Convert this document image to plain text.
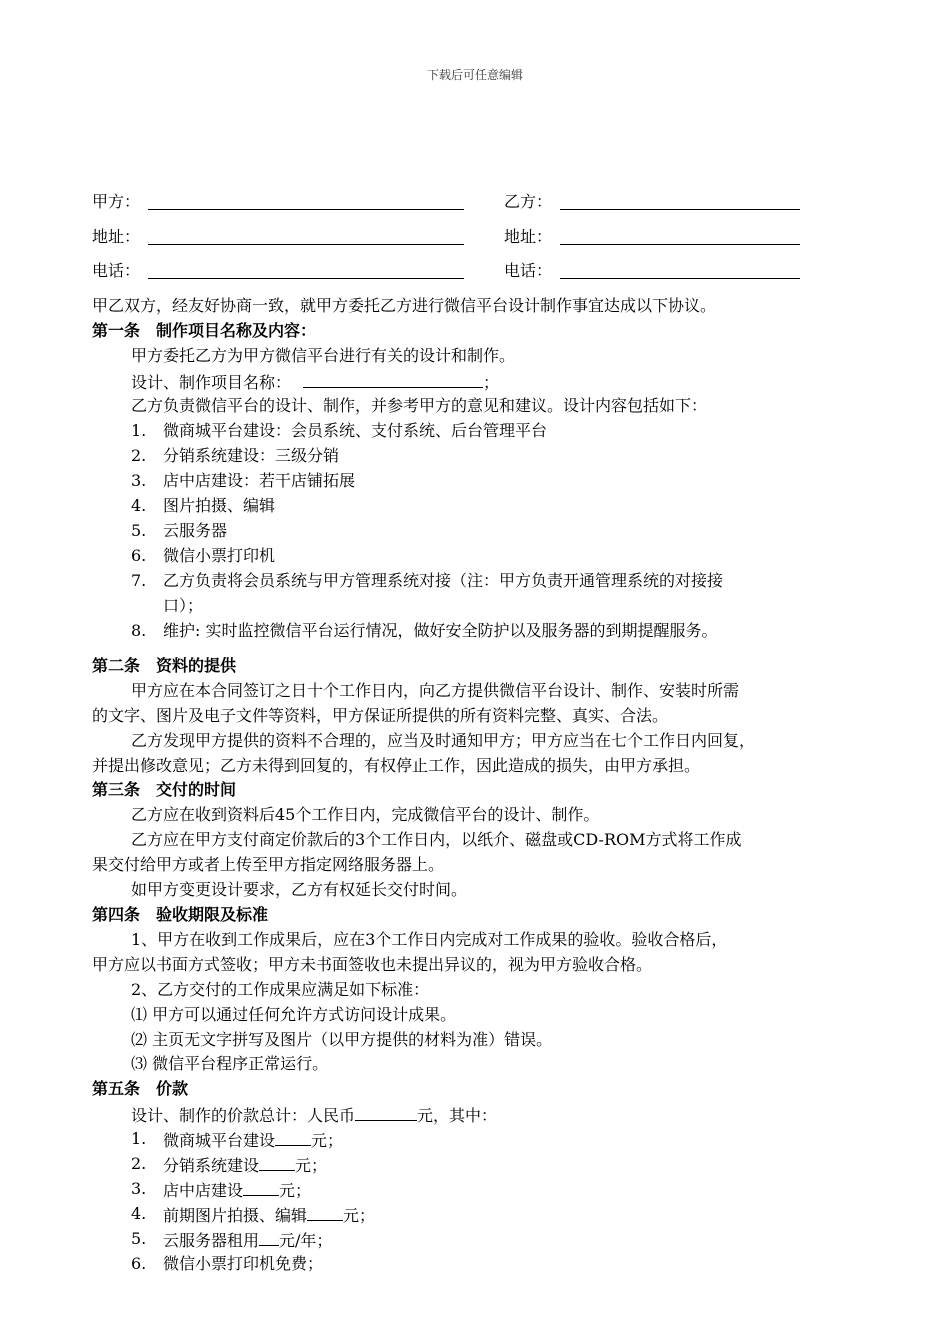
下载后可任意编辑
甲方：	乙方：
地址：	地址：
电话：	电话：
甲乙双方，经友好协商一致，就甲方委托乙方进行微信平台设计制作事宜达成以下协议。
第一条　制作项目名称及内容：
甲方委托乙方为甲方微信平台进行有关的设计和制作。
设计、制作项目名称：	；
乙方负责微信平台的设计、制作，并参考甲方的意见和建议。设计内容包括如下：
1. 微商城平台建设：会员系统、支付系统、后台管理平台
2. 分销系统建设：三级分销
3. 店中店建设：若干店铺拓展
4. 图片拍摄、编辑
5. 云服务器
6. 微信小票打印机
7. 乙方负责将会员系统与甲方管理系统对接（注：甲方负责开通管理系统的对接接
口）；
8. 维护: 实时监控微信平台运行情况，做好安全防护以及服务器的到期提醒服务。
第二条　资料的提供
甲方应在本合同签订之日十个工作日内，向乙方提供微信平台设计、制作、安装时所需
的文字、图片及电子文件等资料，甲方保证所提供的所有资料完整、真实、合法。
乙方发现甲方提供的资料不合理的，应当及时通知甲方；甲方应当在七个工作日内回复，
并提出修改意见；乙方未得到回复的，有权停止工作，因此造成的损失，由甲方承担。
第三条　交付的时间
乙方应在收到资料后45个工作日内，完成微信平台的设计、制作。
乙方应在甲方支付商定价款后的3个工作日内，以纸介、磁盘或CD-ROM方式将工作成
果交付给甲方或者上传至甲方指定网络服务器上。
如甲方变更设计要求，乙方有权延长交付时间。
第四条　验收期限及标准
1、甲方在收到工作成果后，应在3个工作日内完成对工作成果的验收。验收合格后，
甲方应以书面方式签收；甲方未书面签收也未提出异议的，视为甲方验收合格。
2、乙方交付的工作成果应满足如下标准：
⑴ 甲方可以通过任何允许方式访问设计成果。
⑵ 主页无文字拼写及图片（以甲方提供的材料为准）错误。
⑶ 微信平台程序正常运行。
第五条　价款
设计、制作的价款总计：人民币	元，其中：
1. 微商城平台建设 元；
2. 分销系统建设 元；
3. 店中店建设 元；
4. 前期图片拍摄、编辑 元；
5. 云服务器租用 元/年；
6. 微信小票打印机免费；
